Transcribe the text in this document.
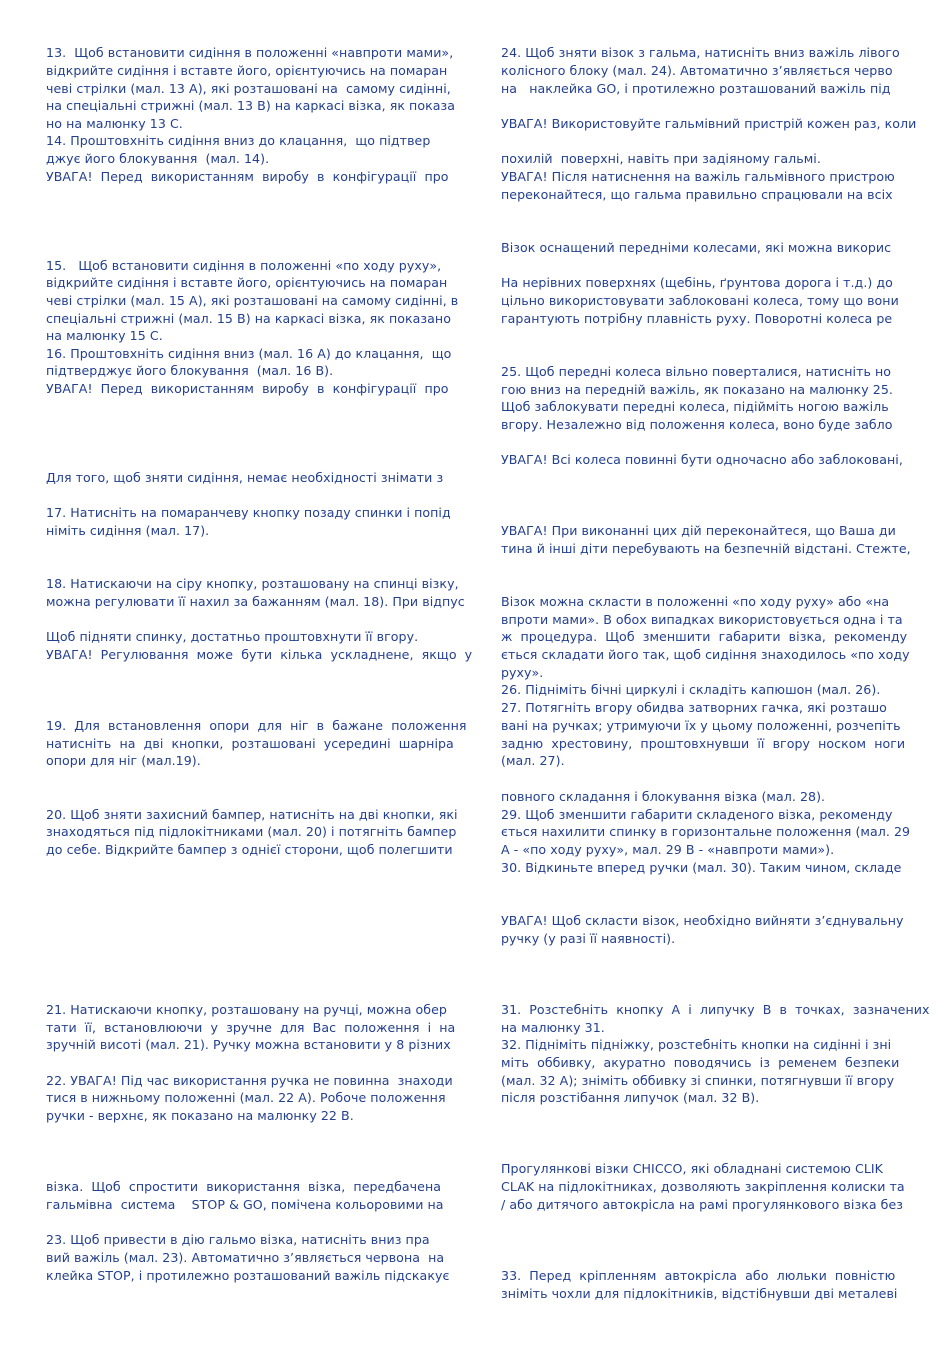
13.  Щоб встановити сидіння в положенні «навпроти мами»,
відкрийте сидіння і вставте його, орієнтуючись на помаран
чеві стрілки (мал. 13 A), які розташовані на  самому сидінні,
на спеціальні стрижні (мал. 13 B) на каркасі візка, як показа
но на малюнку 13 C.
14. Проштовхніть сидіння вниз до клацання,  що підтвер
джує його блокування  (мал. 14).
УВАГА!  Перед  використанням  виробу  в  конфігурації  про
15.   Щоб встановити сидіння в положенні «по ходу руху»,
відкрийте сидіння і вставте його, орієнтуючись на помаран
чеві стрілки (мал. 15 A), які розташовані на самому сидінні, в
спеціальні стрижні (мал. 15 B) на каркасі візка, як показано
на малюнку 15 C.
16. Проштовхніть сидіння вниз (мал. 16 A) до клацання,  що
підтверджує його блокування  (мал. 16 B).
УВАГА!  Перед  використанням  виробу  в  конфігурації  про
Для того, щоб зняти сидіння, немає необхідності знімати з
17. Натисніть на помаранчеву кнопку позаду спинки і попід
німіть сидіння (мал. 17).
18. Натискаючи на сіру кнопку, розташовану на спинці візку,
можна регулювати її нахил за бажанням (мал. 18). При відпус
Щоб підняти спинку, достатньо проштовхнути її вгору.
УВАГА!  Регулювання  може  бути  кілька  ускладнене,  якщо  у
19.  Для  встановлення  опори  для  ніг  в  бажане  положення
натисніть  на  дві  кнопки,  розташовані  усередині  шарніра
опори для ніг (мал.19).
20. Щоб зняти захисний бампер, натисніть на дві кнопки, які
знаходяться під підлокітниками (мал. 20) і потягніть бампер
до себе. Відкрийте бампер з однієї сторони, щоб полегшити
21. Натискаючи кнопку, розташовану на ручці, можна обер
тати  її,  встановлюючи  у  зручне  для  Вас  положення  і  на
зручній висоті (мал. 21). Ручку можна встановити у 8 різних
22. УВАГА! Під час використання ручка не повинна  знаходи
тися в нижньому положенні (мал. 22 A). Робоче положення
ручки - верхнє, як показано на малюнку 22 B.
візка.  Щоб  спростити  використання  візка,  передбачена
гальмівна  система    STOP & GO, помічена кольоровими на
23. Щоб привести в дію гальмо візка, натисніть вниз пра
вий важіль (мал. 23). Автоматично з’являється червона  на
клейка STOP, і протилежно розташований важіль підскакує
24. Щоб зняти візок з гальма, натисніть вниз важіль лівого
колісного блоку (мал. 24). Автоматично з’являється черво
на   наклейка GO, і протилежно розташований важіль під
УВАГА! Використовуйте гальмівний пристрій кожен раз, коли
похилій  поверхні, навіть при задіяному гальмі.
УВАГА! Після натиснення на важіль гальмівного пристрою
переконайтеся, що гальма правильно спрацювали на всіх
Візок оснащений передніми колесами, які можна викорис
На нерівних поверхнях (щебінь, ґрунтова дорога і т.д.) до
цільно використовувати заблоковані колеса, тому що вони
гарантують потрібну плавність руху. Поворотні колеса ре
25. Щоб передні колеса вільно поверталися, натисніть но
гою вниз на передній важіль, як показано на малюнку 25.
Щоб заблокувати передні колеса, підійміть ногою важіль
вгору. Незалежно від положення колеса, воно буде забло
УВАГА! Всі колеса повинні бути одночасно або заблоковані,
УВАГА! При виконанні цих дій переконайтеся, що Ваша ди
тина й інші діти перебувають на безпечній відстані. Стежте,
Візок можна скласти в положенні «по ходу руху» або «на
впроти мами». В обох випадках використовується одна і та
ж  процедура.  Щоб  зменшити  габарити  візка,  рекоменду
ється складати його так, щоб сидіння знаходилось «по ходу
руху».
26. Підніміть бічні циркулі і складіть капюшон (мал. 26).
27. Потягніть вгору обидва затворних гачка, які розташо
вані на ручках; утримуючи їх у цьому положенні, розчепіть
задню  хрестовину,  проштовхнувши  її  вгору  носком  ноги
(мал. 27).
повного складання і блокування візка (мал. 28).
29. Щоб зменшити габарити складеного візка, рекоменду
ється нахилити спинку в горизонтальне положення (мал. 29
A - «по ходу руху», мал. 29 B - «навпроти мами»).
30. Відкиньте вперед ручки (мал. 30). Таким чином, складе
УВАГА! Щоб скласти візок, необхідно вийняти з’єднувальну
ручку (у разі її наявності).
31.  Розстебніть  кнопку  A  і  липучку  B  в  точках,  зазначених
на малюнку 31.
32. Підніміть підніжку, розстебніть кнопки на сидінні і зні
міть  оббивку,  акуратно  поводячись  із  ременем  безпеки
(мал. 32 A); зніміть оббивку зі спинки, потягнувши її вгору
після розстібання липучок (мал. 32 B).
Прогулянкові візки CHICCO, які обладнані системою CLIK
CLAK на підлокітниках, дозволяють закріплення колиски та
/ або дитячого автокрісла на рамі прогулянкового візка без
33.  Перед  кріпленням  автокрісла  або  люльки  повністю
зніміть чохли для підлокітників, відстібнувши дві металеві
